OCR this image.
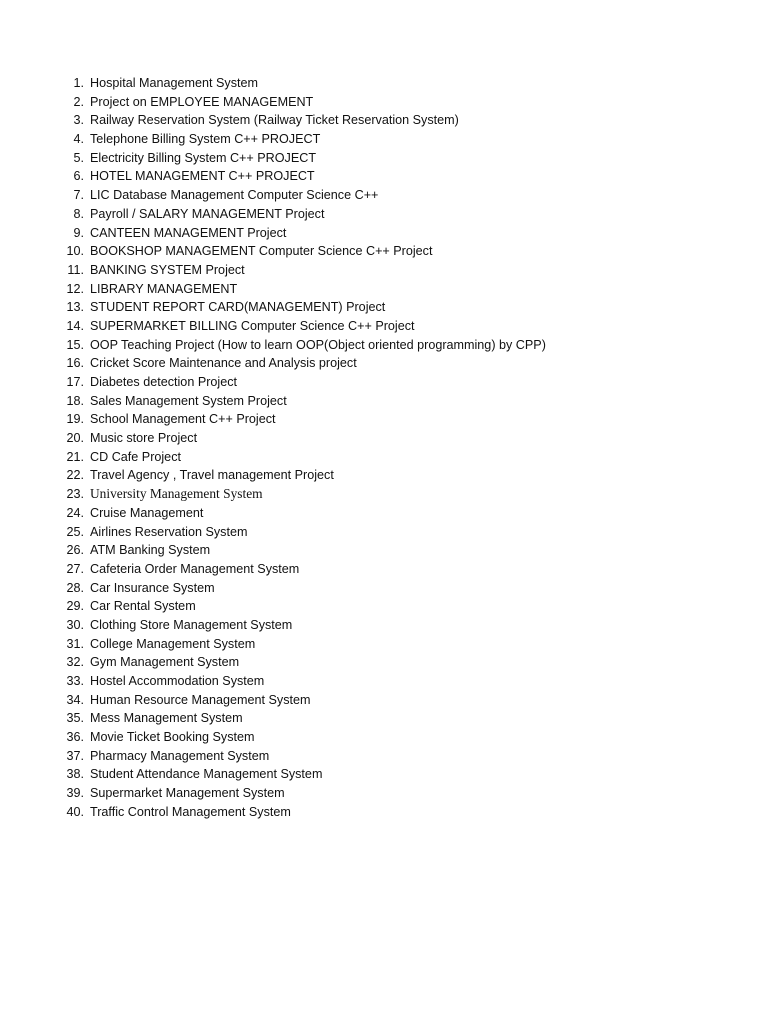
1. Hospital Management System
2. Project on EMPLOYEE MANAGEMENT
3. Railway Reservation System (Railway Ticket Reservation System)
4. Telephone Billing System C++ PROJECT
5. Electricity Billing System C++ PROJECT
6. HOTEL MANAGEMENT C++ PROJECT
7. LIC Database Management Computer Science C++
8. Payroll / SALARY MANAGEMENT Project
9. CANTEEN MANAGEMENT Project
10. BOOKSHOP MANAGEMENT Computer Science C++ Project
11. BANKING SYSTEM Project
12. LIBRARY MANAGEMENT
13. STUDENT REPORT CARD(MANAGEMENT) Project
14. SUPERMARKET BILLING Computer Science C++ Project
15. OOP Teaching Project (How to learn OOP(Object oriented programming) by CPP)
16. Cricket Score Maintenance and Analysis project
17. Diabetes detection Project
18. Sales Management System Project
19. School Management C++ Project
20. Music store Project
21. CD Cafe Project
22. Travel Agency , Travel management Project
23. University Management System
24. Cruise Management
25. Airlines Reservation System
26. ATM Banking System
27. Cafeteria Order Management System
28. Car Insurance System
29. Car Rental System
30. Clothing Store Management System
31. College Management System
32. Gym Management System
33. Hostel Accommodation System
34. Human Resource Management System
35. Mess Management System
36. Movie Ticket Booking System
37. Pharmacy Management System
38. Student Attendance Management System
39. Supermarket Management System
40. Traffic Control Management System
